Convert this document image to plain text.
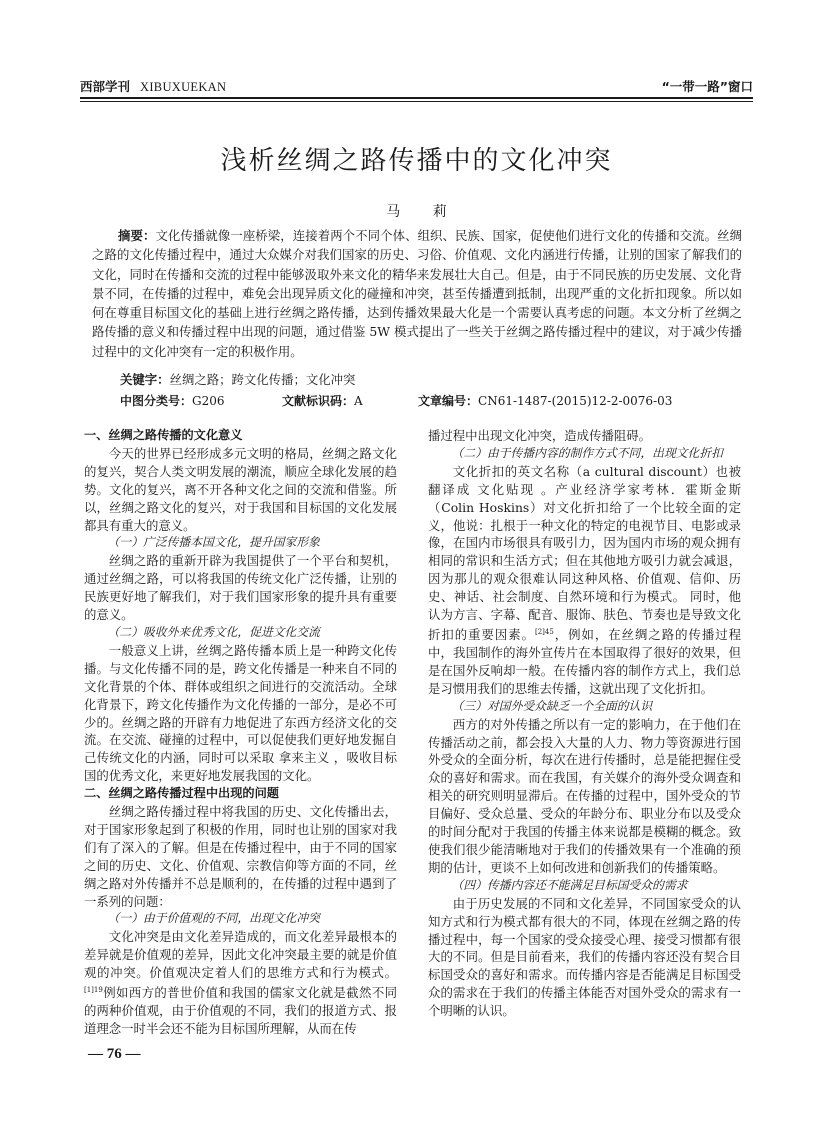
西部学刊 XIBUXUEKAN	“一带一路”窗口
浅析丝绸之路传播中的文化冲突
马 莉
摘要：文化传播就像一座桥梁，连接着两个不同个体、组织、民族、国家，促使他们进行文化的传播和交流。丝绸之路的文化传播过程中，通过大众媒介对我们国家的历史、习俗、价值观、文化内涵进行传播，让别的国家了解我们的文化，同时在传播和交流的过程中能够汲取外来文化的精华来发展壮大自己。但是，由于不同民族的历史发展、文化背景不同，在传播的过程中，难免会出现异质文化的碰撞和冲突，甚至传播遭到抵制，出现严重的文化折扣现象。所以如何在尊重目标国文化的基础上进行丝绸之路传播，达到传播效果最大化是一个需要认真考虑的问题。本文分析了丝绸之路传播的意义和传播过程中出现的问题，通过借鉴 5W 模式提出了一些关于丝绸之路传播过程中的建议，对于减少传播过程中的文化冲突有一定的积极作用。
关键字：丝绸之路；跨文化传播；文化冲突
中图分类号：G206	文献标识码：A	文章编号：CN61-1487-(2015)12-2-0076-03
一、丝绸之路传播的文化意义

今天的世界已经形成多元文明的格局，丝绸之路文化的复兴，契合人类文明发展的潮流，顺应全球化发展的趋势。文化的复兴，离不开各种文化之间的交流和借鉴。所以，丝绸之路文化的复兴，对于我国和目标国的文化发展都具有重大的意义。

（一）广泛传播本国文化，提升国家形象

丝绸之路的重新开辟为我国提供了一个平台和契机，通过丝绸之路，可以将我国的传统文化广泛传播，让别的民族更好地了解我们，对于我们国家形象的提升具有重要的意义。

（二）吸收外来优秀文化，促进文化交流

一般意义上讲，丝绸之路传播本质上是一种跨文化传播。与文化传播不同的是，跨文化传播是一种来自不同的文化背景的个体、群体或组织之间进行的交流活动。全球化背景下，跨文化传播作为文化传播的一部分，是必不可少的。丝绸之路的开辟有力地促进了东西方经济文化的交流。在交流、碰撞的过程中，可以促使我们更好地发掘自己传统文化的内涵，同时可以采取 拿来主义 ，吸收目标国的优秀文化，来更好地发展我国的文化。

二、丝绸之路传播过程中出现的问题

丝绸之路传播过程中将我国的历史、文化传播出去，对于国家形象起到了积极的作用，同时也让别的国家对我们有了深入的了解。但是在传播过程中，由于不同的国家之间的历史、文化、价值观、宗教信仰等方面的不同，丝绸之路对外传播并不总是顺利的，在传播的过程中遇到了一系列的问题：

（一）由于价值观的不同，出现文化冲突

文化冲突是由文化差异造成的，而文化差异最根本的差异就是价值观的差异，因此文化冲突最主要的就是价值观的冲突。价值观决定着人们的思维方式和行为模式。$^{[1]19}$例如西方的普世价值和我国的儒家文化就是截然不同的两种价值观，由于价值观的不同，我们的报道方式、报道理念一时半会还不能为目标国所理解，从而在传

播过程中出现文化冲突，造成传播阻碍。

（二）由于传播内容的制作方式不同，出现文化折扣

文化折扣的英文名称（a cultural discount）也被翻译成 文化贴现 。产业经济学家考林．霍斯金斯（Colin Hoskins）对文化折扣给了一个比较全面的定义，他说：扎根于一种文化的特定的电视节目、电影或录像，在国内市场很具有吸引力，因为国内市场的观众拥有相同的常识和生活方式；但在其他地方吸引力就会减退，因为那儿的观众很难认同这种风格、价值观、信仰、历史、神话、社会制度、自然环境和行为模式。 同时，他认为方言、字幕、配音、服饰、肤色、节奏也是导致文化折扣的重要因素。$^{[2]45}$，例如，在丝绸之路的传播过程中，我国制作的海外宣传片在本国取得了很好的效果，但是在国外反响却一般。在传播内容的制作方式上，我们总是习惯用我们的思维去传播，这就出现了文化折扣。

（三）对国外受众缺乏一个全面的认识

西方的对外传播之所以有一定的影响力，在于他们在传播活动之前，都会投入大量的人力、物力等资源进行国外受众的全面分析，每次在进行传播时，总是能把握住受众的喜好和需求。而在我国，有关媒介的海外受众调查和相关的研究则明显滞后。在传播的过程中，国外受众的节目偏好、受众总量、受众的年龄分布、职业分布以及受众的时间分配对于我国的传播主体来说都是模糊的概念。致使我们很少能清晰地对于我们的传播效果有一个准确的预期的估计，更谈不上如何改进和创新我们的传播策略。

（四）传播内容还不能满足目标国受众的需求

由于历史发展的不同和文化差异，不同国家受众的认知方式和行为模式都有很大的不同，体现在丝绸之路的传播过程中，每一个国家的受众接受心理、接受习惯都有很大的不同。但是目前看来，我们的传播内容还没有契合目标国受众的喜好和需求。而传播内容是否能满足目标国受众的需求在于我们的传播主体能否对国外受众的需求有一个明晰的认识。

— 76 —
